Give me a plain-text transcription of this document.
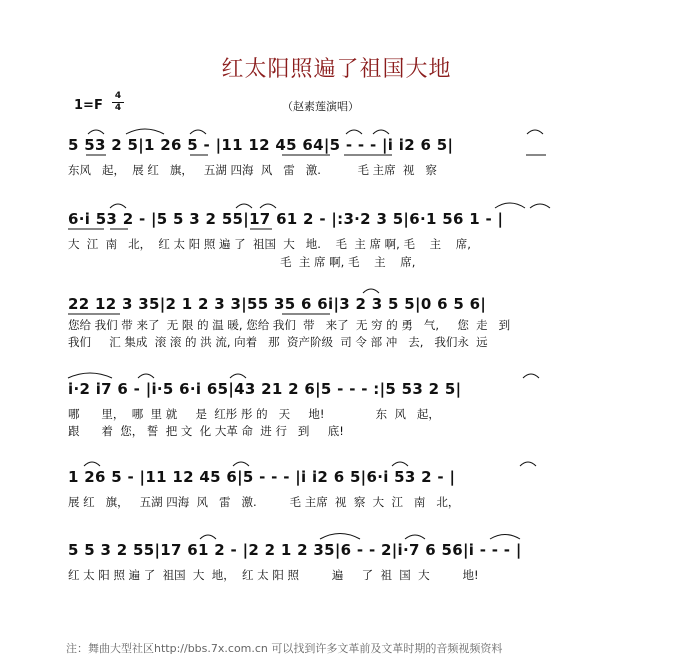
红太阳照遍了祖国大地
1=F
4
4	（赵素莲演唱）
5 53 2 5|1 26 5 - |11 12 45 64|5 - - - |i i2 6 5|
东风   起，  展 红   旗，   五湖 四海  风   雷   激.          毛 主席  视   察
6·i 53 2 - |5 5 3 2 55|17 61 2 - |:3·2 3 5|6·1 56 1 - |
大  江  南   北，  红 太 阳 照 遍 了  祖国  大   地.    毛  主 席 啊, 毛    主    席,
毛  主 席 啊, 毛    主    席,
22 12 3 35|2 1 2 3 3|55 35 6 6i|3 2 3 5 5|0 6 5 6|
您给 我们 带 来了  无 限 的 温 暖, 您给 我们  带   来了  无 穷 的 勇   气,     您  走   到
我们     汇 集成  滚 滚 的 洪 流, 向着   那  资产阶级  司 令 部 冲   去,   我们永  远
i·2 i7 6 - |i·5 6·i 65|43 21 2 6|5 - - - :|5 53 2 5|
哪      里，  哪  里 就     是  红彤 彤 的   天     地!              东  风   起，
跟      着  您， 誓  把 文  化 大革 命  进 行   到     底!
1 26 5 - |11 12 45 6|5 - - - |i i2 6 5|6·i 53 2 - |
展 红   旗，   五湖 四海  风   雷   激.         毛 主席  视  察  大  江   南   北，
5 5 3 2 55|17 61 2 - |2 2 1 2 35|6 - - 2|i·7 6 56|i - - - |
红 太 阳 照 遍 了  祖国  大  地，  红 太 阳 照         遍     了  祖  国  大         地!
注：舞曲大型社区http://bbs.7x.com.cn 可以找到许多文革前及文革时期的音频视频资料
